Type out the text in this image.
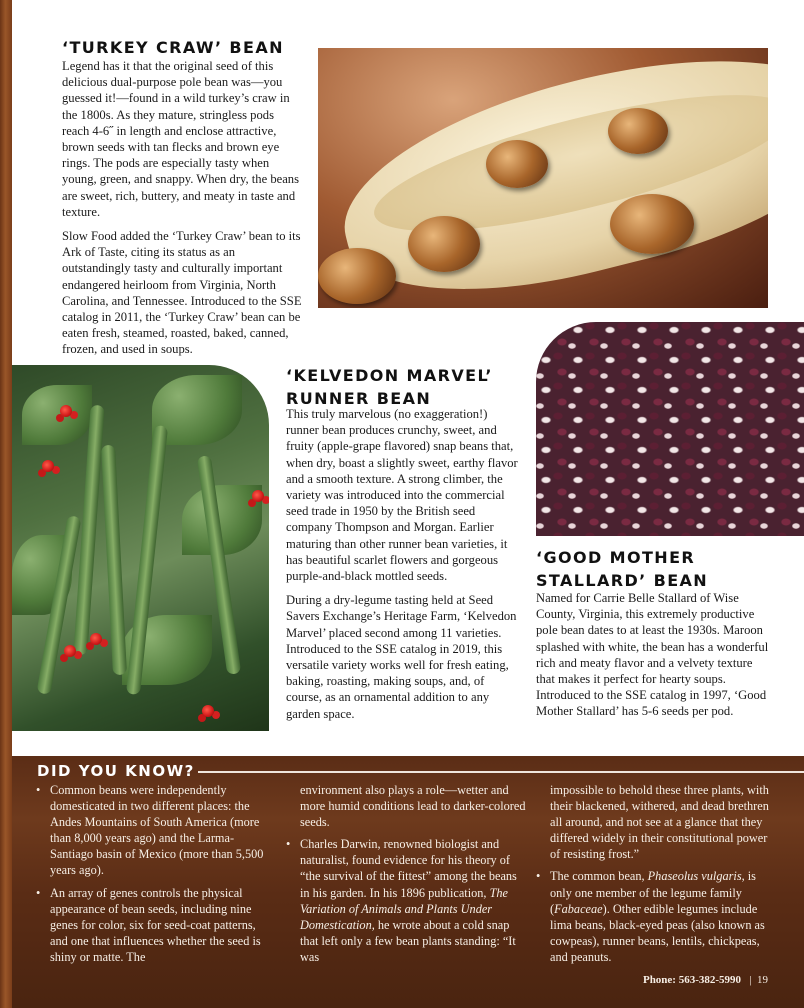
‘TURKEY CRAW’ BEAN

Legend has it that the original seed of this delicious dual-purpose pole bean was—you guessed it!—found in a wild turkey’s craw in the 1800s. As they mature, stringless pods reach 4-6˝ in length and enclose attractive, brown seeds with tan flecks and brown eye rings. The pods are especially tasty when young, green, and snappy. When dry, the beans are sweet, rich, buttery, and meaty in taste and texture.

Slow Food added the ‘Turkey Craw’ bean to its Ark of Taste, citing its status as an outstandingly tasty and culturally important endangered heirloom from Virginia, North Carolina, and Tennessee. Introduced to the SSE catalog in 2011, the ‘Turkey Craw’ bean can be eaten fresh, steamed, roasted, baked, canned, frozen, and used in soups.

‘KELVEDON MARVEL’
RUNNER BEAN

This truly marvelous (no exaggeration!) runner bean produces crunchy, sweet, and fruity (apple-grape flavored) snap beans that, when dry, boast a slightly sweet, earthy flavor and a smooth texture. A strong climber, the variety was introduced into the commercial seed trade in 1950 by the British seed company Thompson and Morgan. Earlier maturing than other runner bean varieties, it has beautiful scarlet flowers and gorgeous purple-and-black mottled seeds.

During a dry-legume tasting held at Seed Savers Exchange’s Heritage Farm, ‘Kelvedon Marvel’ placed second among 11 varieties. Introduced to the SSE catalog in 2019, this versatile variety works well for fresh eating, baking, roasting, making soups, and, of course, as an ornamental addition to any garden space.

‘GOOD MOTHER
STALLARD’ BEAN

Named for Carrie Belle Stallard of Wise County, Virginia, this extremely productive pole bean dates to at least the 1930s. Maroon splashed with white, the bean has a wonderful rich and meaty flavor and a velvety texture that makes it perfect for hearty soups. Introduced to the SSE catalog in 1997, ‘Good Mother Stallard’ has 5-6 seeds per pod.

DID YOU KNOW?
• Common beans were independently domesticated in two different places: the Andes Mountains of South America (more than 8,000 years ago) and the Larma-Santiago basin of Mexico (more than 5,500 years ago).
• An array of genes controls the physical appearance of bean seeds, including nine genes for color, six for seed-coat patterns, and one that influences whether the seed is shiny or matte. The
environment also plays a role—wetter and more humid conditions lead to darker-colored seeds.
• Charles Darwin, renowned biologist and naturalist, found evidence for his theory of “the survival of the fittest” among the beans in his garden. In his 1896 publication, The Variation of Animals and Plants Under Domestication, he wrote about a cold snap that left only a few bean plants standing: “It was
impossible to behold these three plants, with their blackened, withered, and dead brethren all around, and not see at a glance that they differed widely in their constitutional power of resisting frost.”
• The common bean, Phaseolus vulgaris, is only one member of the legume family (Fabaceae). Other edible legumes include lima beans, black-eyed peas (also known as cowpeas), runner beans, lentils, chickpeas, and peanuts.
Phone: 563-382-5990 | 19
